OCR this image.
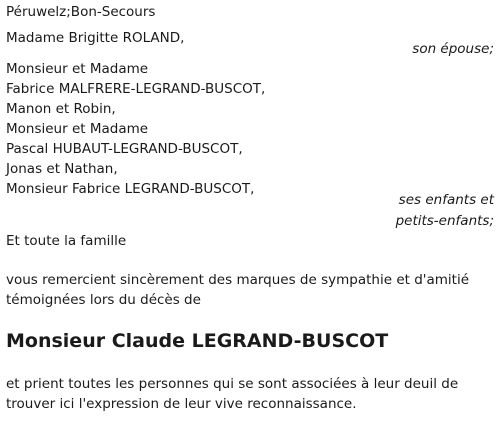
Péruwelz;Bon-Secours
Madame Brigitte ROLAND,
son épouse;
Monsieur et Madame
Fabrice MALFRERE-LEGRAND-BUSCOT,
Manon et Robin,
Monsieur et Madame
Pascal HUBAUT-LEGRAND-BUSCOT,
Jonas et Nathan,
Monsieur Fabrice LEGRAND-BUSCOT,
ses enfants et
petits-enfants;
Et toute la famille
vous remercient sincèrement des marques de sympathie et d'amitié
témoignées lors du décès de
Monsieur Claude LEGRAND-BUSCOT
et prient toutes les personnes qui se sont associées à leur deuil de
trouver ici l'expression de leur vive reconnaissance.
